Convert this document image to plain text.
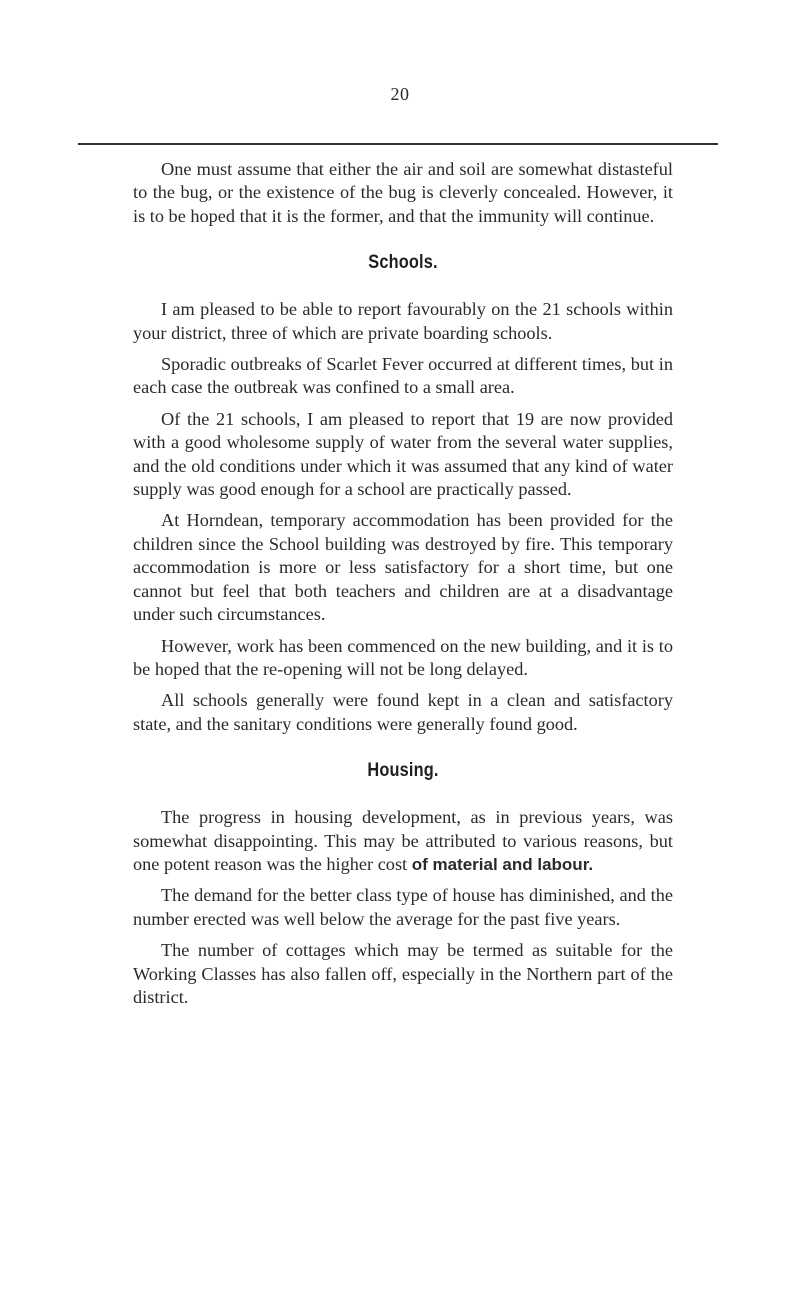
20

One must assume that either the air and soil are somewhat distasteful to the bug, or the existence of the bug is cleverly concealed. However, it is to be hoped that it is the former, and that the immunity will continue.

Schools.

I am pleased to be able to report favourably on the 21 schools within your district, three of which are private boarding schools.

Sporadic outbreaks of Scarlet Fever occurred at different times, but in each case the outbreak was confined to a small area.

Of the 21 schools, I am pleased to report that 19 are now provided with a good wholesome supply of water from the several water supplies, and the old conditions under which it was assumed that any kind of water supply was good enough for a school are practically passed.

At Horndean, temporary accommodation has been provided for the children since the School building was destroyed by fire. This temporary accommodation is more or less satisfactory for a short time, but one cannot but feel that both teachers and children are at a disadvantage under such circumstances.

However, work has been commenced on the new building, and it is to be hoped that the re-opening will not be long delayed.

All schools generally were found kept in a clean and satisfactory state, and the sanitary conditions were generally found good.

Housing.

The progress in housing development, as in previous years, was somewhat disappointing. This may be attributed to various reasons, but one potent reason was the higher cost of material and labour.

The demand for the better class type of house has diminished, and the number erected was well below the average for the past five years.

The number of cottages which may be termed as suitable for the Working Classes has also fallen off, especially in the Northern part of the district.
